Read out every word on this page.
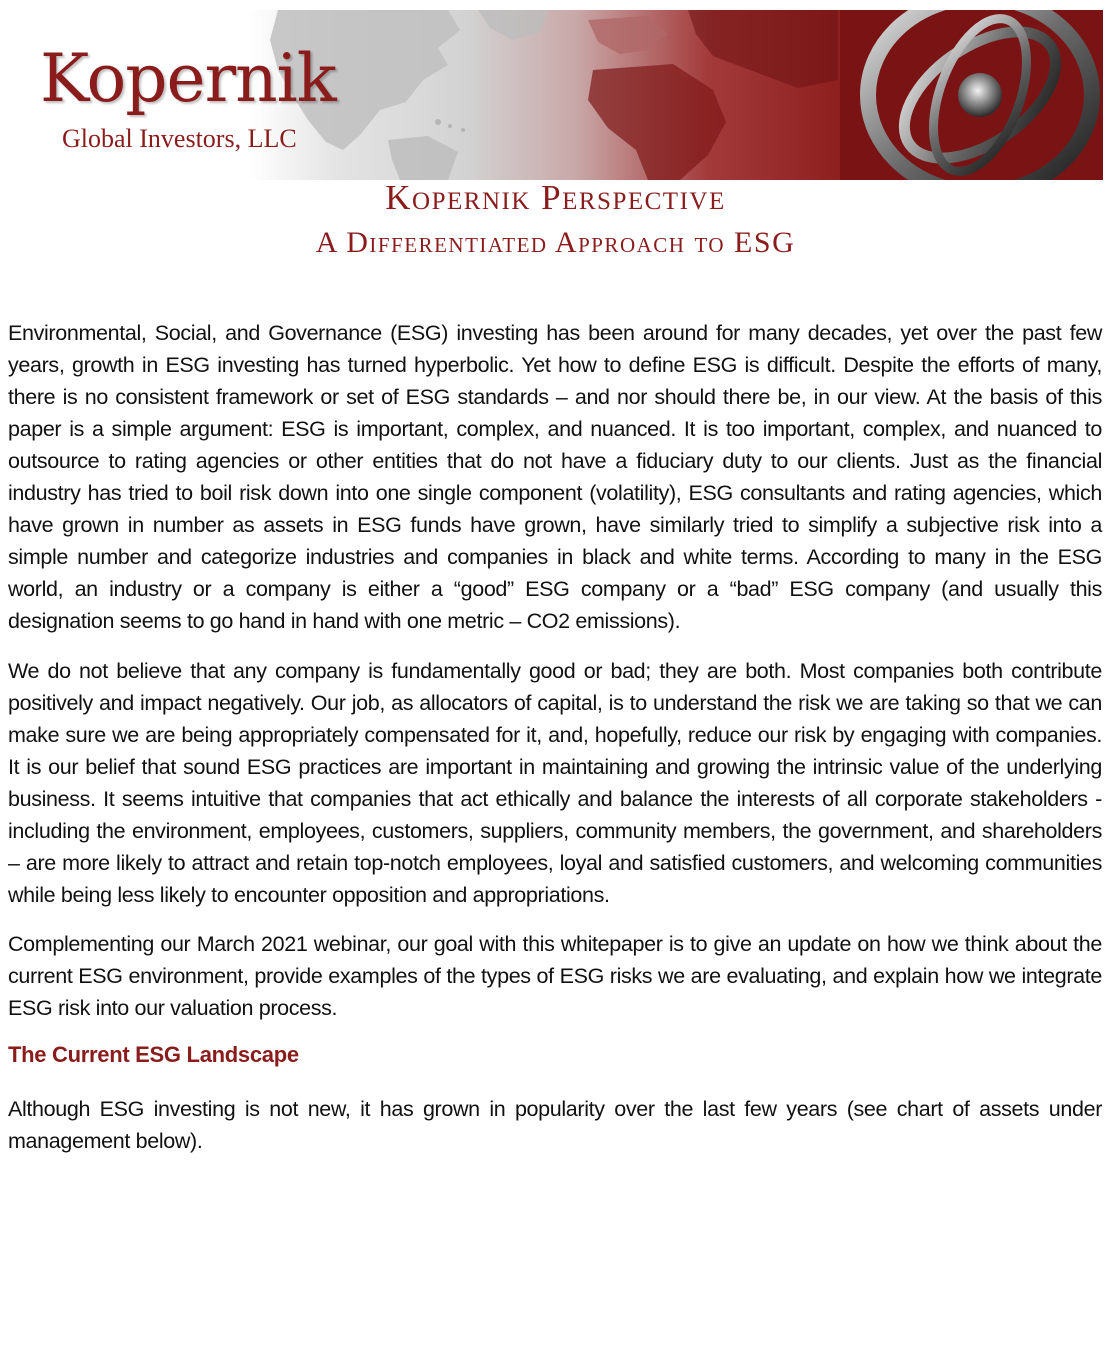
Kopernik
Global Investors, LLC
Kopernik Perspective
A Differentiated Approach to ESG

Environmental, Social, and Governance (ESG) investing has been around for many decades, yet over the past few years, growth in ESG investing has turned hyperbolic. Yet how to define ESG is difficult. Despite the efforts of many, there is no consistent framework or set of ESG standards – and nor should there be, in our view. At the basis of this paper is a simple argument: ESG is important, complex, and nuanced. It is too important, complex, and nuanced to outsource to rating agencies or other entities that do not have a fiduciary duty to our clients. Just as the financial industry has tried to boil risk down into one single component (volatility), ESG consultants and rating agencies, which have grown in number as assets in ESG funds have grown, have similarly tried to simplify a subjective risk into a simple number and categorize industries and companies in black and white terms. According to many in the ESG world, an industry or a company is either a “good” ESG company or a “bad” ESG company (and usually this designation seems to go hand in hand with one metric – CO2 emissions).

We do not believe that any company is fundamentally good or bad; they are both. Most companies both contribute positively and impact negatively. Our job, as allocators of capital, is to understand the risk we are taking so that we can make sure we are being appropriately compensated for it, and, hopefully, reduce our risk by engaging with companies. It is our belief that sound ESG practices are important in maintaining and growing the intrinsic value of the underlying business. It seems intuitive that companies that act ethically and balance the interests of all corporate stakeholders - including the environment, employees, customers, suppliers, community members, the government, and shareholders – are more likely to attract and retain top-notch employees, loyal and satisfied customers, and welcoming communities while being less likely to encounter opposition and appropriations.

Complementing our March 2021 webinar, our goal with this whitepaper is to give an update on how we think about the current ESG environment, provide examples of the types of ESG risks we are evaluating, and explain how we integrate ESG risk into our valuation process.

The Current ESG Landscape

Although ESG investing is not new, it has grown in popularity over the last few years (see chart of assets under management below).
